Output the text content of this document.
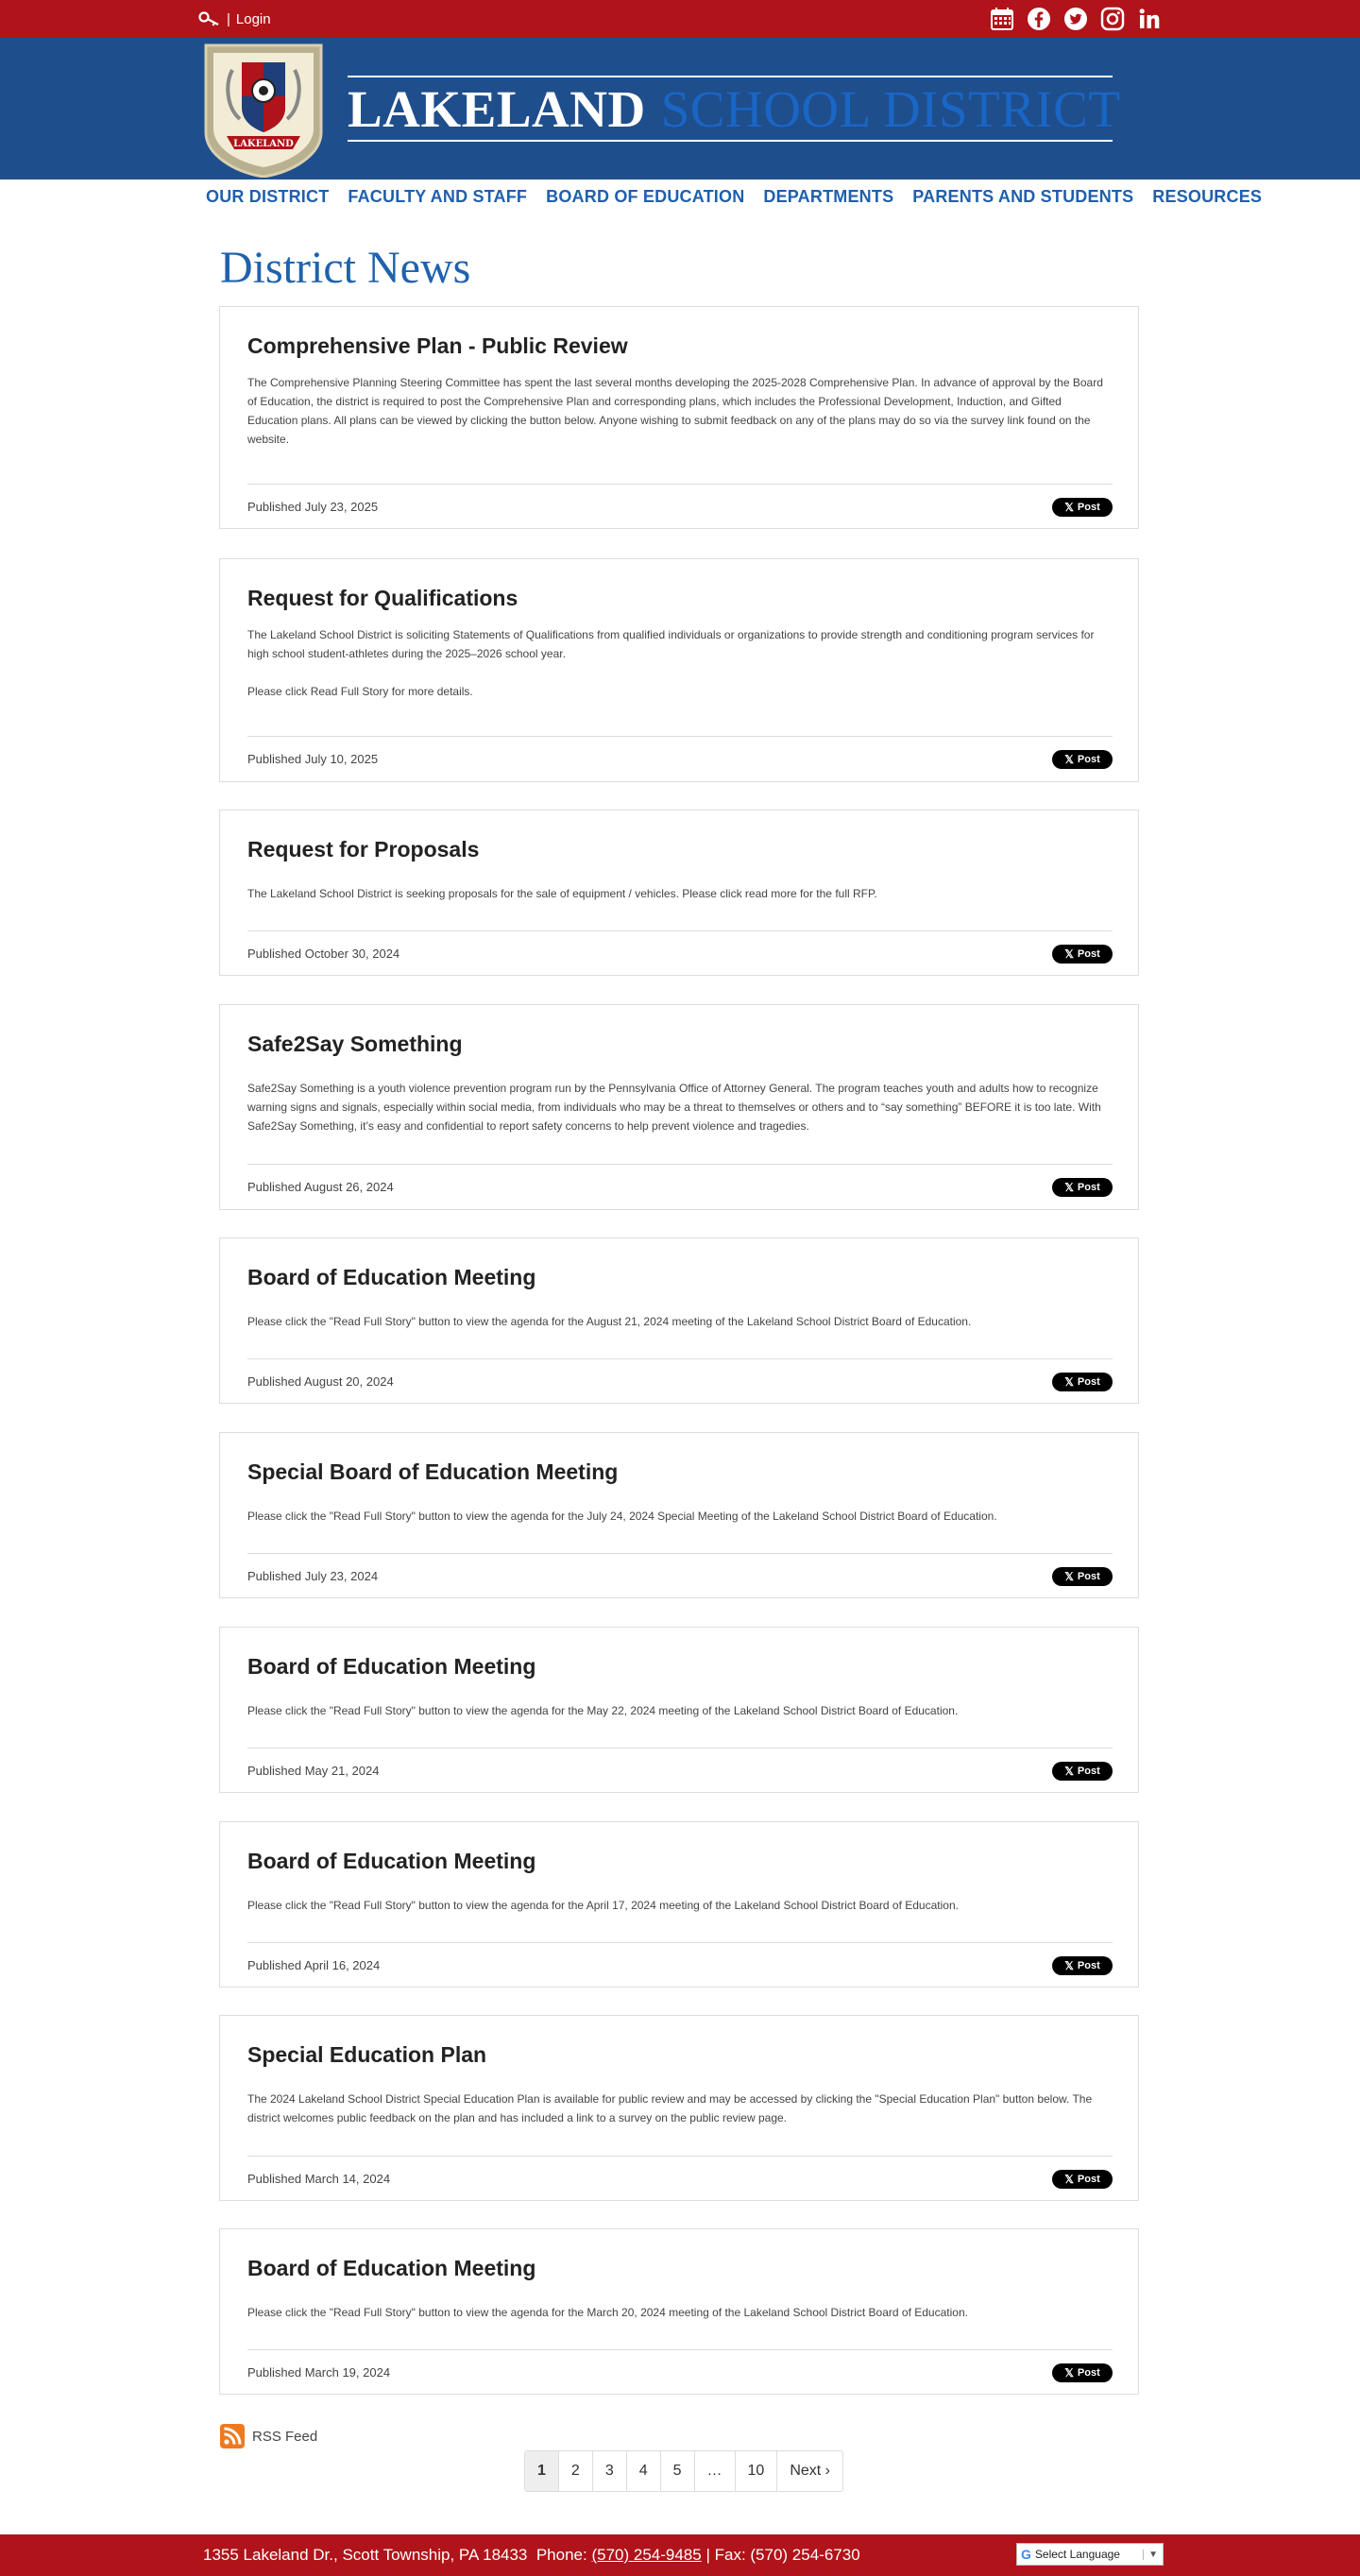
| Login
LAKELAND
LAKELAND SCHOOL DISTRICT
OUR DISTRICT FACULTY AND STAFF BOARD OF EDUCATION DEPARTMENTS PARENTS AND STUDENTS RESOURCES
District News
Comprehensive Plan - Public Review

The Comprehensive Planning Steering Committee has spent the last several months developing the 2025-2028 Comprehensive Plan. In advance of approval by the Board of Education, the district is required to post the Comprehensive Plan and corresponding plans, which includes the Professional Development, Induction, and Gifted Education plans. All plans can be viewed by clicking the button below. Anyone wishing to submit feedback on any of the plans may do so via the survey link found on the website.

Published July 23, 2025	𝕏 Post
Request for Qualifications

The Lakeland School District is soliciting Statements of Qualifications from qualified individuals or organizations to provide strength and conditioning program services for high school student-athletes during the 2025–2026 school year.

Please click Read Full Story for more details.

Published July 10, 2025	𝕏 Post
Request for Proposals

The Lakeland School District is seeking proposals for the sale of equipment / vehicles. Please click read more for the full RFP.

Published October 30, 2024	𝕏 Post
Safe2Say Something

Safe2Say Something is a youth violence prevention program run by the Pennsylvania Office of Attorney General. The program teaches youth and adults how to recognize warning signs and signals, especially within social media, from individuals who may be a threat to themselves or others and to “say something” BEFORE it is too late. With Safe2Say Something, it’s easy and confidential to report safety concerns to help prevent violence and tragedies.

Published August 26, 2024	𝕏 Post
Board of Education Meeting

Please click the "Read Full Story" button to view the agenda for the August 21, 2024 meeting of the Lakeland School District Board of Education.

Published August 20, 2024	𝕏 Post
Special Board of Education Meeting

Please click the "Read Full Story" button to view the agenda for the July 24, 2024 Special Meeting of the Lakeland School District Board of Education.

Published July 23, 2024	𝕏 Post
Board of Education Meeting

Please click the "Read Full Story" button to view the agenda for the May 22, 2024 meeting of the Lakeland School District Board of Education.

Published May 21, 2024	𝕏 Post
Board of Education Meeting

Please click the "Read Full Story" button to view the agenda for the April 17, 2024 meeting of the Lakeland School District Board of Education.

Published April 16, 2024	𝕏 Post
Special Education Plan

The 2024 Lakeland School District Special Education Plan is available for public review and may be accessed by clicking the "Special Education Plan" button below. The district welcomes public feedback on the plan and has included a link to a survey on the public review page.

Published March 14, 2024	𝕏 Post
Board of Education Meeting

Please click the "Read Full Story" button to view the agenda for the March 20, 2024 meeting of the Lakeland School District Board of Education.

Published March 19, 2024	𝕏 Post
RSS Feed
1	2	3	4	5	…	10	Next ›
1355 Lakeland Dr., Scott Township, PA 18433 Phone: (570) 254-9485 | Fax: (570) 254-6730	G Select Language	▼
